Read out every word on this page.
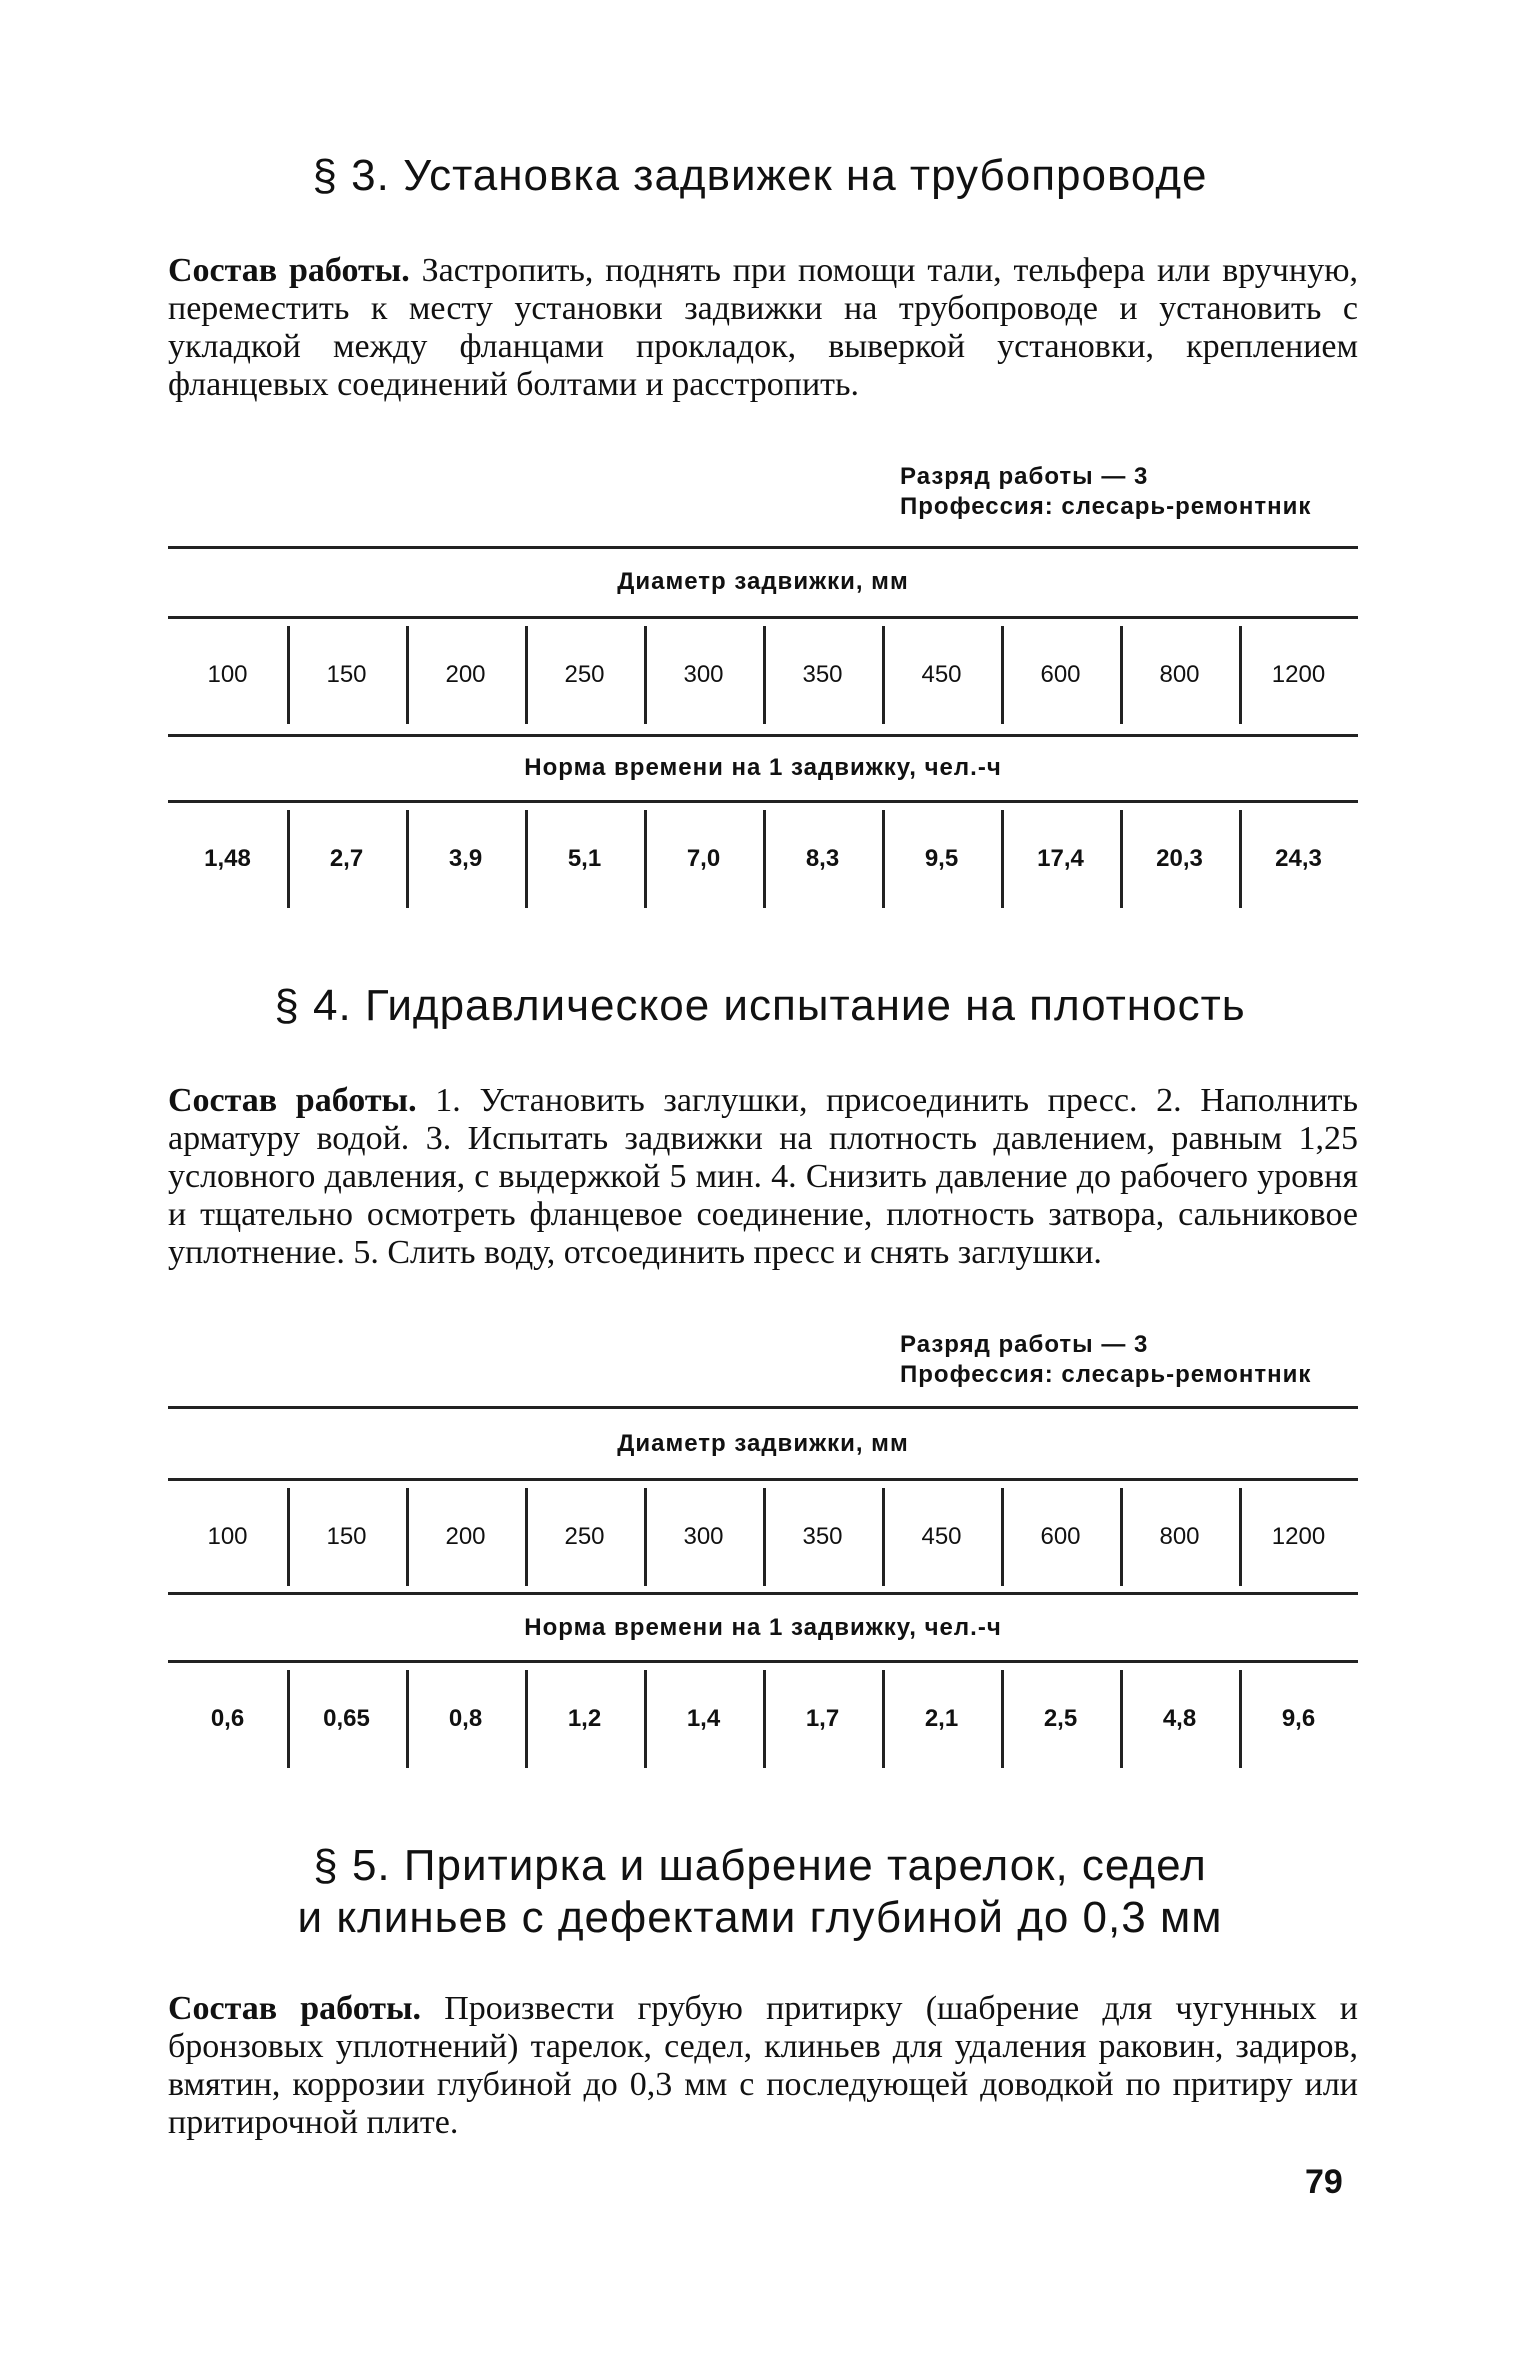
§ 3. Установка задвижек на трубопроводе
Состав работы. Застропить, поднять при помощи тали, тельфера или вручную, переместить к месту установки задвижки на трубопроводе и установить с укладкой между фланцами прокладок, выверкой установки, креплением фланцевых соединений болтами и расстропить.
Разряд работы — 3
Профессия: слесарь-ремонтник
Диаметр задвижки, мм
100	150	200	250	300	350	450	600	800	1200
Норма времени на 1 задвижку, чел.-ч
1,48	2,7	3,9	5,1	7,0	8,3	9,5	17,4	20,3	24,3
§ 4. Гидравлическое испытание на плотность
Состав работы. 1. Установить заглушки, присоединить пресс. 2. Наполнить арматуру водой. 3. Испытать задвижки на плотность давлением, равным 1,25 условного давления, с выдержкой 5 мин. 4. Снизить давление до рабочего уровня и тщательно осмотреть фланцевое соединение, плотность затвора, сальниковое уплотнение. 5. Слить воду, отсоединить пресс и снять заглушки.
Разряд работы — 3
Профессия: слесарь-ремонтник
Диаметр задвижки, мм
100	150	200	250	300	350	450	600	800	1200
Норма времени на 1 задвижку, чел.-ч
0,6	0,65	0,8	1,2	1,4	1,7	2,1	2,5	4,8	9,6
§ 5. Притирка и шабрение тарелок, седел
и клиньев с дефектами глубиной до 0,3 мм
Состав работы. Произвести грубую притирку (шабрение для чугунных и бронзовых уплотнений) тарелок, седел, клиньев для удаления раковин, задиров, вмятин, коррозии глубиной до 0,3 мм с последующей доводкой по притиру или притирочной плите.
79
